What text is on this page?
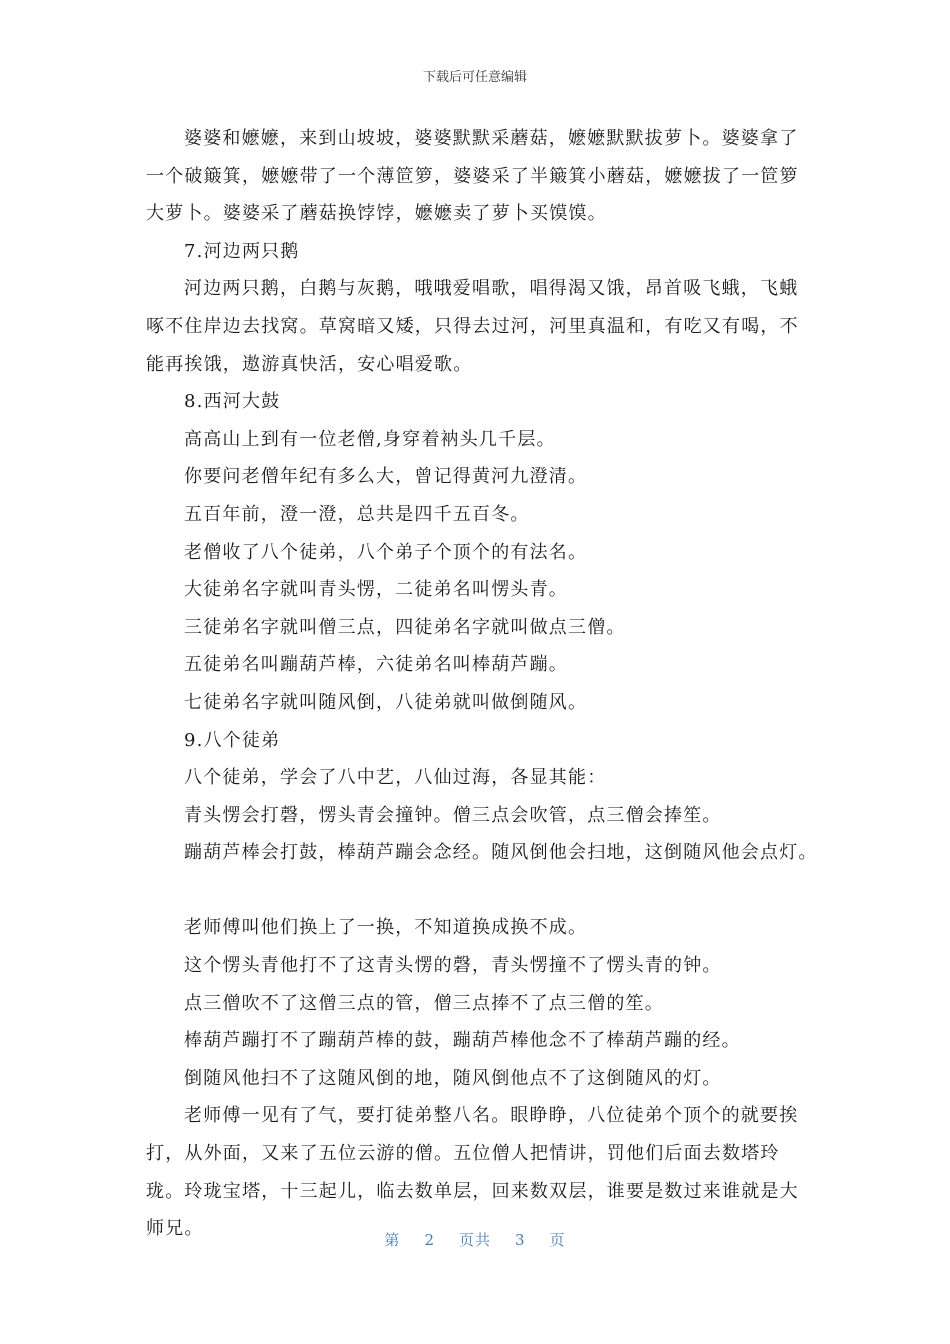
下载后可任意编辑

婆婆和嬷嬷，来到山坡坡，婆婆默默采蘑菇，嬷嬷默默拔萝卜。婆婆拿了一个破簸箕，嬷嬷带了一个薄笸箩，婆婆采了半簸箕小蘑菇，嬷嬷拔了一笸箩大萝卜。婆婆采了蘑菇换饽饽，嬷嬷卖了萝卜买馍馍。

7.河边两只鹅

河边两只鹅，白鹅与灰鹅，哦哦爱唱歌，唱得渴又饿，昂首吸飞蛾，飞蛾啄不住岸边去找窝。草窝暗又矮，只得去过河，河里真温和，有吃又有喝，不能再挨饿，遨游真快活，安心唱爱歌。

8.西河大鼓

高高山上到有一位老僧,身穿着衲头几千层。

你要问老僧年纪有多么大，曾记得黄河九澄清。

五百年前，澄一澄，总共是四千五百冬。

老僧收了八个徒弟，八个弟子个顶个的有法名。

大徒弟名字就叫青头愣，二徒弟名叫愣头青。

三徒弟名字就叫僧三点，四徒弟名字就叫做点三僧。

五徒弟名叫蹦葫芦棒，六徒弟名叫棒葫芦蹦。

七徒弟名字就叫随风倒，八徒弟就叫做倒随风。

9.八个徒弟

八个徒弟，学会了八中艺，八仙过海，各显其能：

青头愣会打磬，愣头青会撞钟。僧三点会吹管，点三僧会捧笙。

蹦葫芦棒会打鼓，棒葫芦蹦会念经。随风倒他会扫地，这倒随风他会点灯。

老师傅叫他们换上了一换，不知道换成换不成。

这个愣头青他打不了这青头愣的磬，青头愣撞不了愣头青的钟。

点三僧吹不了这僧三点的管，僧三点捧不了点三僧的笙。

棒葫芦蹦打不了蹦葫芦棒的鼓，蹦葫芦棒他念不了棒葫芦蹦的经。

倒随风他扫不了这随风倒的地，随风倒他点不了这倒随风的灯。

老师傅一见有了气，要打徒弟整八名。眼睁睁，八位徒弟个顶个的就要挨打，从外面，又来了五位云游的僧。五位僧人把情讲，罚他们后面去数塔玲珑。玲珑宝塔，十三起儿，临去数单层，回来数双层，谁要是数过来谁就是大师兄。

第 2 页共 3 页
